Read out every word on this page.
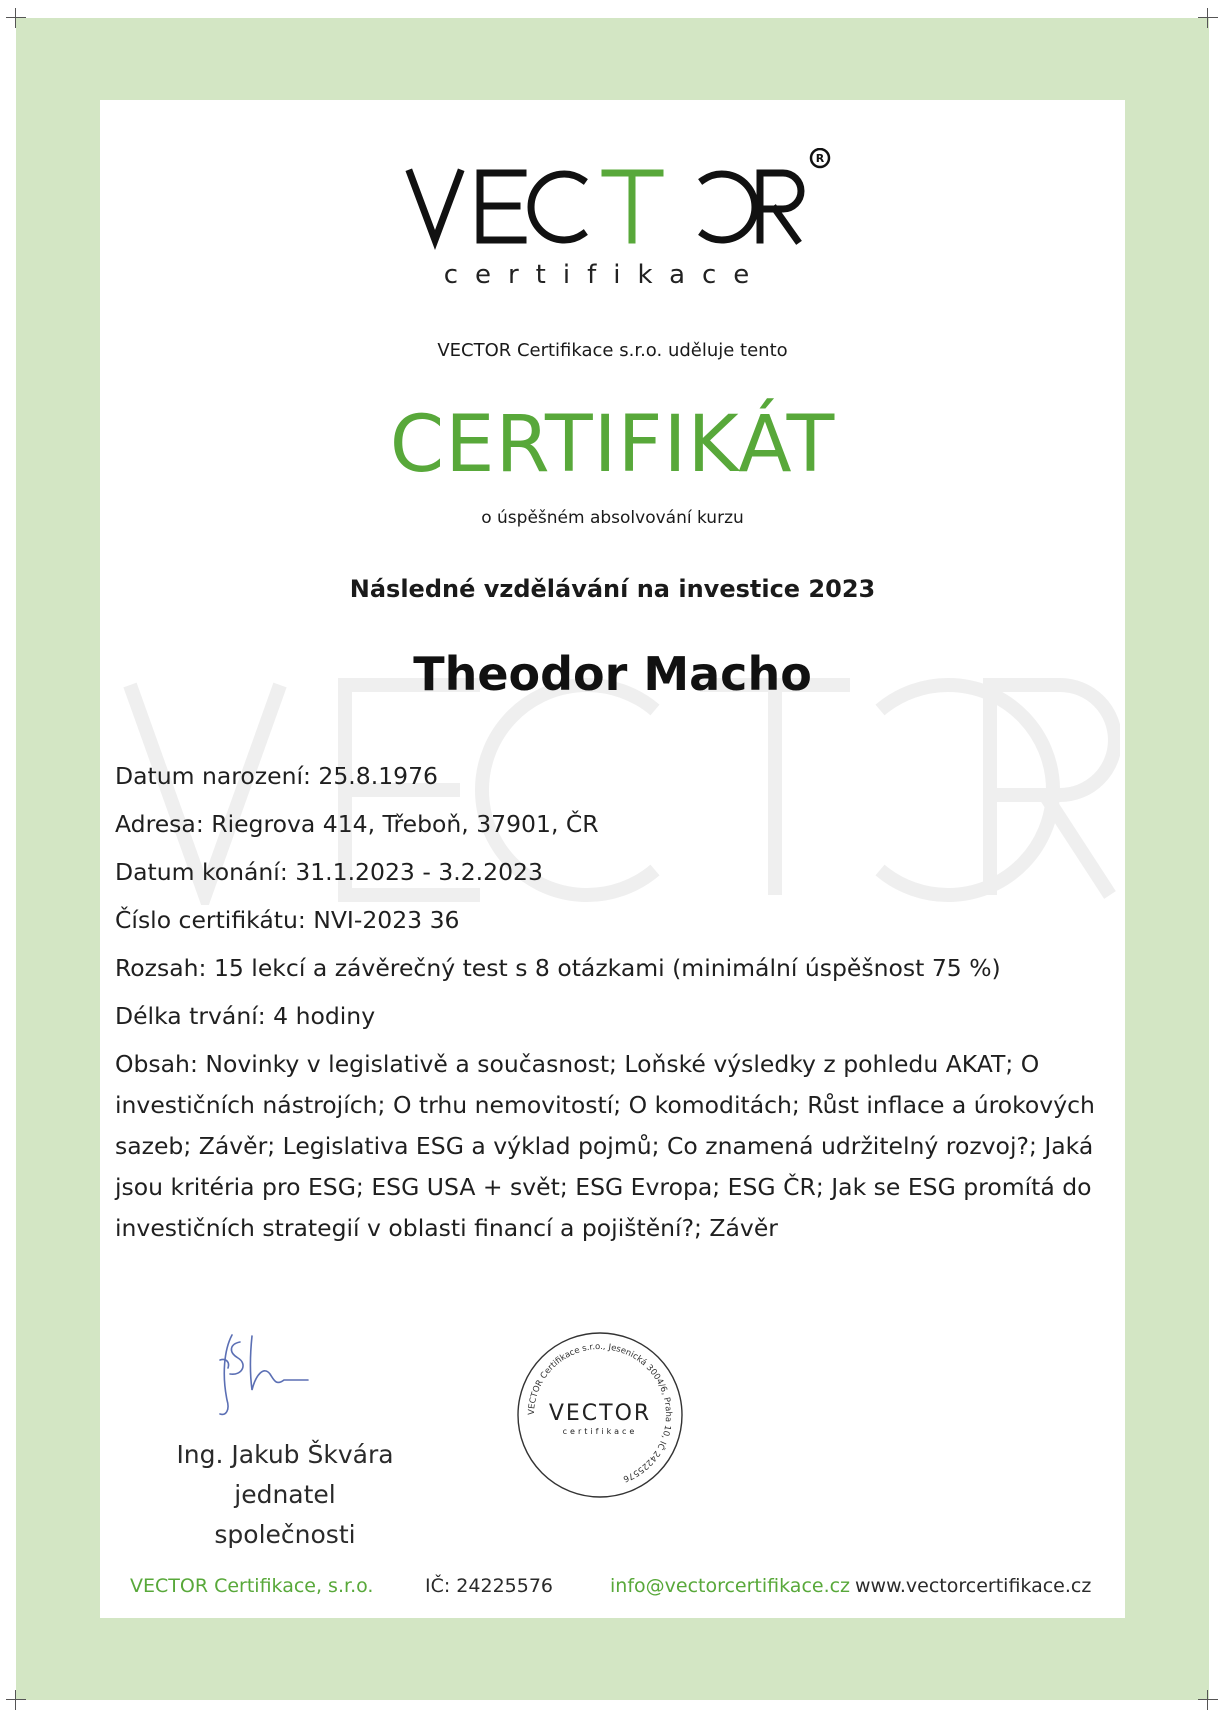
R
certifikace
VECTOR Certifikace s.r.o. uděluje tento
CERTIFIKÁT
o úspěšném absolvování kurzu
Následné vzdělávání na investice 2023
Theodor Macho
Datum narození: 25.8.1976
Adresa: Riegrova 414, Třeboň, 37901, ČR
Datum konání: 31.1.2023 - 3.2.2023
Číslo certifikátu: NVI-2023 36
Rozsah: 15 lekcí a závěrečný test s 8 otázkami (minimální úspěšnost 75 %)
Délka trvání: 4 hodiny
Obsah: Novinky v legislativě a současnost; Loňské výsledky z pohledu AKAT; O investičních nástrojích; O trhu nemovitostí; O komoditách; Růst inflace a úrokových sazeb; Závěr; Legislativa ESG a výklad pojmů; Co znamená udržitelný rozvoj?; Jaká jsou kritéria pro ESG; ESG USA + svět; ESG Evropa; ESG ČR; Jak se ESG promítá do investičních strategií v oblasti financí a pojištění?; Závěr
Ing. Jakub Škvára
jednatel společnosti
VECTOR Certifikace s.r.o., Jesenická 3004/6, Praha 10, IČ 24225576
VECTOR
certifikace
VECTOR Certifikace, s.r.o.	IČ: 24225576	info@vectorcertifikace.cz www.vectorcertifikace.cz
